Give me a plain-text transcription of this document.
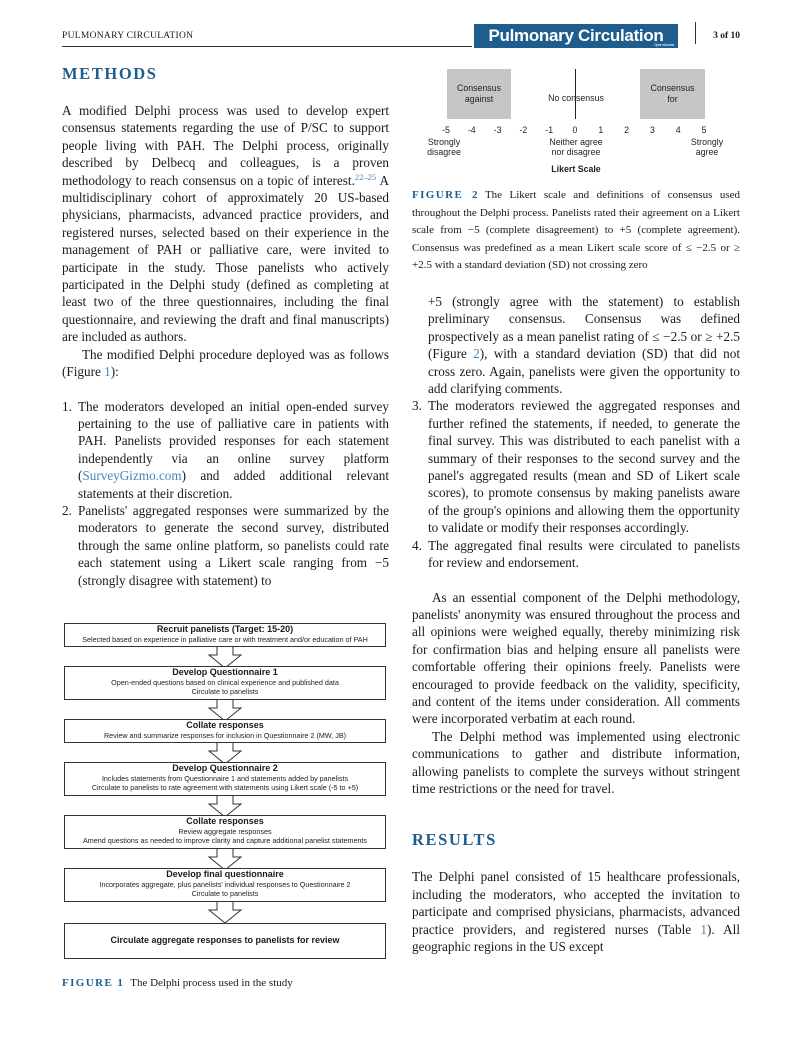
PULMONARY CIRCULATION	Pulmonary Circulation
Open Access
3 of 10
METHODS

A modified Delphi process was used to develop expert consensus statements regarding the use of P/SC to support people living with PAH. The Delphi process, originally described by Delbecq and colleagues, is a proven methodology to reach consensus on a topic of interest.$^{22-25}$ A multidisciplinary cohort of approximately 20 US-based physicians, pharmacists, advanced practice providers, and registered nurses, selected based on their experience in the management of PAH or palliative care, were invited to participate in the study. Those panelists who actively participated in the Delphi study (defined as completing at least two of the three questionnaires, including the final questionnaire, and reviewing the draft and final manuscripts) are included as authors.

The modified Delphi procedure deployed was as follows (Figure 1):

1. The moderators developed an initial open-ended survey pertaining to the use of palliative care in patients with PAH. Panelists provided responses for each statement independently via an online survey platform (SurveyGizmo.com) and added additional relevant statements at their discretion.
2. Panelists' aggregated responses were summarized by the moderators to generate the second survey, distributed through the same online platform, so panelists could rate each statement using a Likert scale ranging from −5 (strongly disagree with statement) to
Recruit panelists (Target: 15-20)
Selected based on experience in palliative care or with treatment and/or education of PAH
Develop Questionnaire 1
Open-ended questions based on clinical experience and published data
Circulate to panelists
Collate responses
Review and summarize responses for inclusion in Questionnaire 2 (MW, JB)
Develop Questionnaire 2
Includes statements from Questionnaire 1 and statements added by panelists
Circulate to panelists to rate agreement with statements using Likert scale (-5 to +5)
Collate responses
Review aggregate responses
Amend questions as needed to improve clarity and capture additional panelist statements
Develop final questionnaire
Incorporates aggregate, plus panelists' individual responses to Questionnaire 2
Circulate to panelists
Circulate aggregate responses to panelists for review
FIGURE 1 The Delphi process used in the study
Consensus
against
Consensus
for
No consensus
-5	-4	-3	-2	-1	0	1	2	3	4	5
Strongly
disagree
Neither agree
nor disagree
Strongly
agree
Likert Scale
FIGURE 2 The Likert scale and definitions of consensus used throughout the Delphi process. Panelists rated their agreement on a Likert scale from −5 (complete disagreement) to +5 (complete agreement). Consensus was predefined as a mean Likert scale score of ≤ −2.5 or ≥ +2.5 with a standard deviation (SD) not crossing zero

+5 (strongly agree with the statement) to establish preliminary consensus. Consensus was defined prospectively as a mean panelist rating of ≤ −2.5 or ≥ +2.5 (Figure 2), with a standard deviation (SD) that did not cross zero. Again, panelists were given the opportunity to add clarifying comments.

3. The moderators reviewed the aggregated responses and further refined the statements, if needed, to generate the final survey. This was distributed to each panelist with a summary of their responses to the second survey and the panel's aggregated results (mean and SD of Likert scale scores), to promote consensus by making panelists aware of the group's opinions and allowing them the opportunity to validate or modify their responses accordingly.
4. The aggregated final results were circulated to panelists for review and endorsement.

As an essential component of the Delphi methodology, panelists' anonymity was ensured throughout the process and all opinions were weighed equally, thereby minimizing risk for confirmation bias and helping ensure all panelists were comfortable offering their opinions freely. Panelists were encouraged to provide feedback on the validity, specificity, and content of the items under consideration. All comments were incorporated verbatim at each round.

The Delphi method was implemented using electronic communications to gather and distribute information, allowing panelists to complete the surveys without stringent time restrictions or the need for travel.

RESULTS

The Delphi panel consisted of 15 healthcare professionals, including the moderators, who accepted the invitation to participate and comprised physicians, pharmacists, advanced practice providers, and registered nurses (Table 1). All geographic regions in the US except
